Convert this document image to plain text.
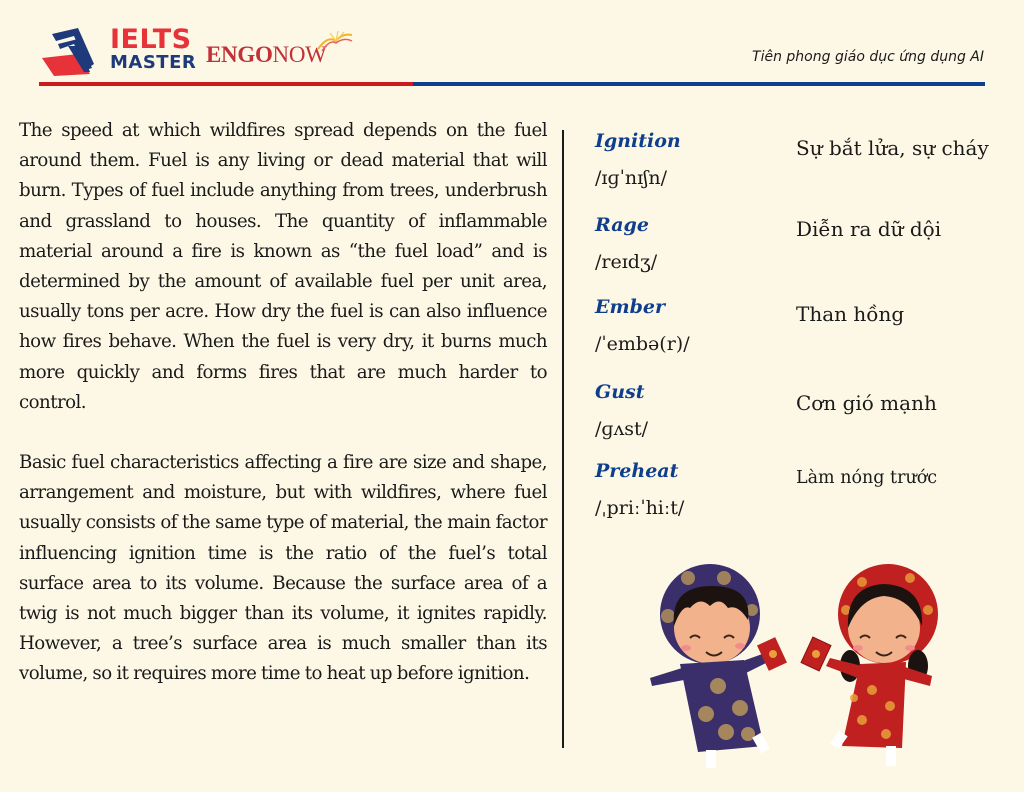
IELTS
MASTER ENGONOW	Tiên phong giáo dục ứng dụng AI

The speed at which wildfires spread depends on the fuel around them. Fuel is any living or dead material that will burn. Types of fuel include anything from trees, underbrush and grassland to houses. The quantity of inflammable material around a fire is known as “the fuel load” and is determined by the amount of available fuel per unit area, usually tons per acre. How dry the fuel is can also influence how fires behave. When the fuel is very dry, it burns much more quickly and forms fires that are much harder to control.

Basic fuel characteristics affecting a fire are size and shape, arrangement and moisture, but with wildfires, where fuel usually consists of the same type of material, the main factor influencing ignition time is the ratio of the fuel’s total surface area to its volume. Because the surface area of a twig is not much bigger than its volume, it ignites rapidly. However, a tree’s surface area is much smaller than its volume, so it requires more time to heat up before ignition.

Ignition
/ɪɡˈnɪʃn/
Sự bắt lửa, sự cháy
Rage
/reɪdʒ/
Diễn ra dữ dội
Ember
/ˈembə(r)/
Than hồng
Gust
/ɡʌst/
Cơn gió mạnh
Preheat
/ˌpriːˈhiːt/
Làm nóng trước
